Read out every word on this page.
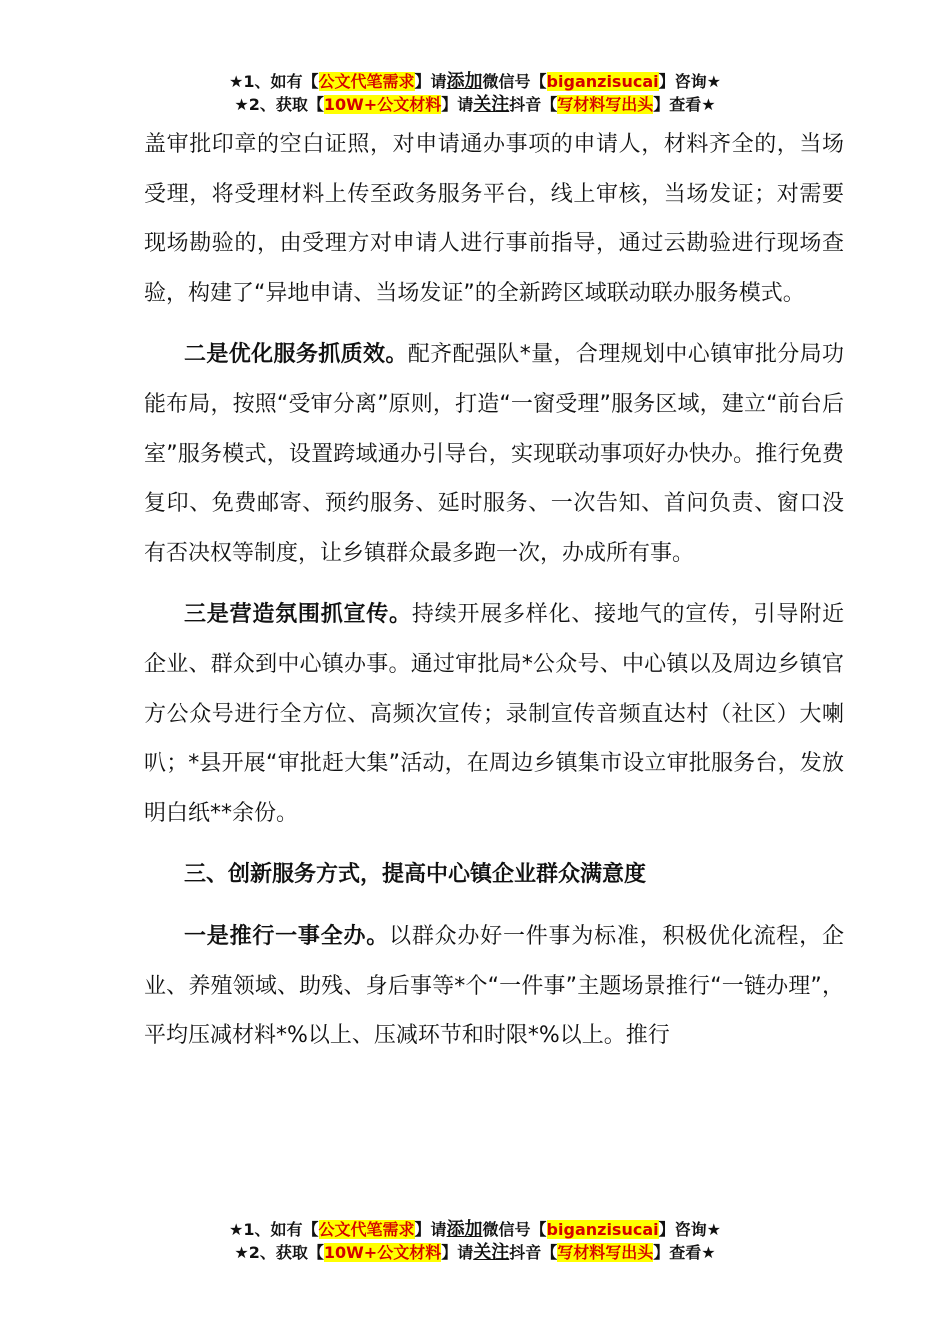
★1、如有【公文代笔需求】请添加微信号【biganzisucai】咨询★
★2、获取【10W+公文材料】请关注抖音【写材料写出头】查看★

盖审批印章的空白证照，对申请通办事项的申请人，材料齐全的，当场受理，将受理材料上传至政务服务平台，线上审核，当场发证；对需要现场勘验的，由受理方对申请人进行事前指导，通过云勘验进行现场查验，构建了“异地申请、当场发证”的全新跨区域联动联办服务模式。

二是优化服务抓质效。配齐配强队*量，合理规划中心镇审批分局功能布局，按照“受审分离”原则，打造“一窗受理”服务区域，建立“前台后室”服务模式，设置跨域通办引导台，实现联动事项好办快办。推行免费复印、免费邮寄、预约服务、延时服务、一次告知、首问负责、窗口没有否决权等制度，让乡镇群众最多跑一次，办成所有事。

三是营造氛围抓宣传。持续开展多样化、接地气的宣传，引导附近企业、群众到中心镇办事。通过审批局*公众号、中心镇以及周边乡镇官方公众号进行全方位、高频次宣传；录制宣传音频直达村（社区）大喇叭；*县开展“审批赶大集”活动，在周边乡镇集市设立审批服务台，发放明白纸**余份。

三、创新服务方式，提高中心镇企业群众满意度

一是推行一事全办。以群众办好一件事为标准，积极优化流程，企业、养殖领域、助残、身后事等*个“一件事”主题场景推行“一链办理”，平均压减材料*%以上、压减环节和时限*%以上。推行

★1、如有【公文代笔需求】请添加微信号【biganzisucai】咨询★
★2、获取【10W+公文材料】请关注抖音【写材料写出头】查看★
